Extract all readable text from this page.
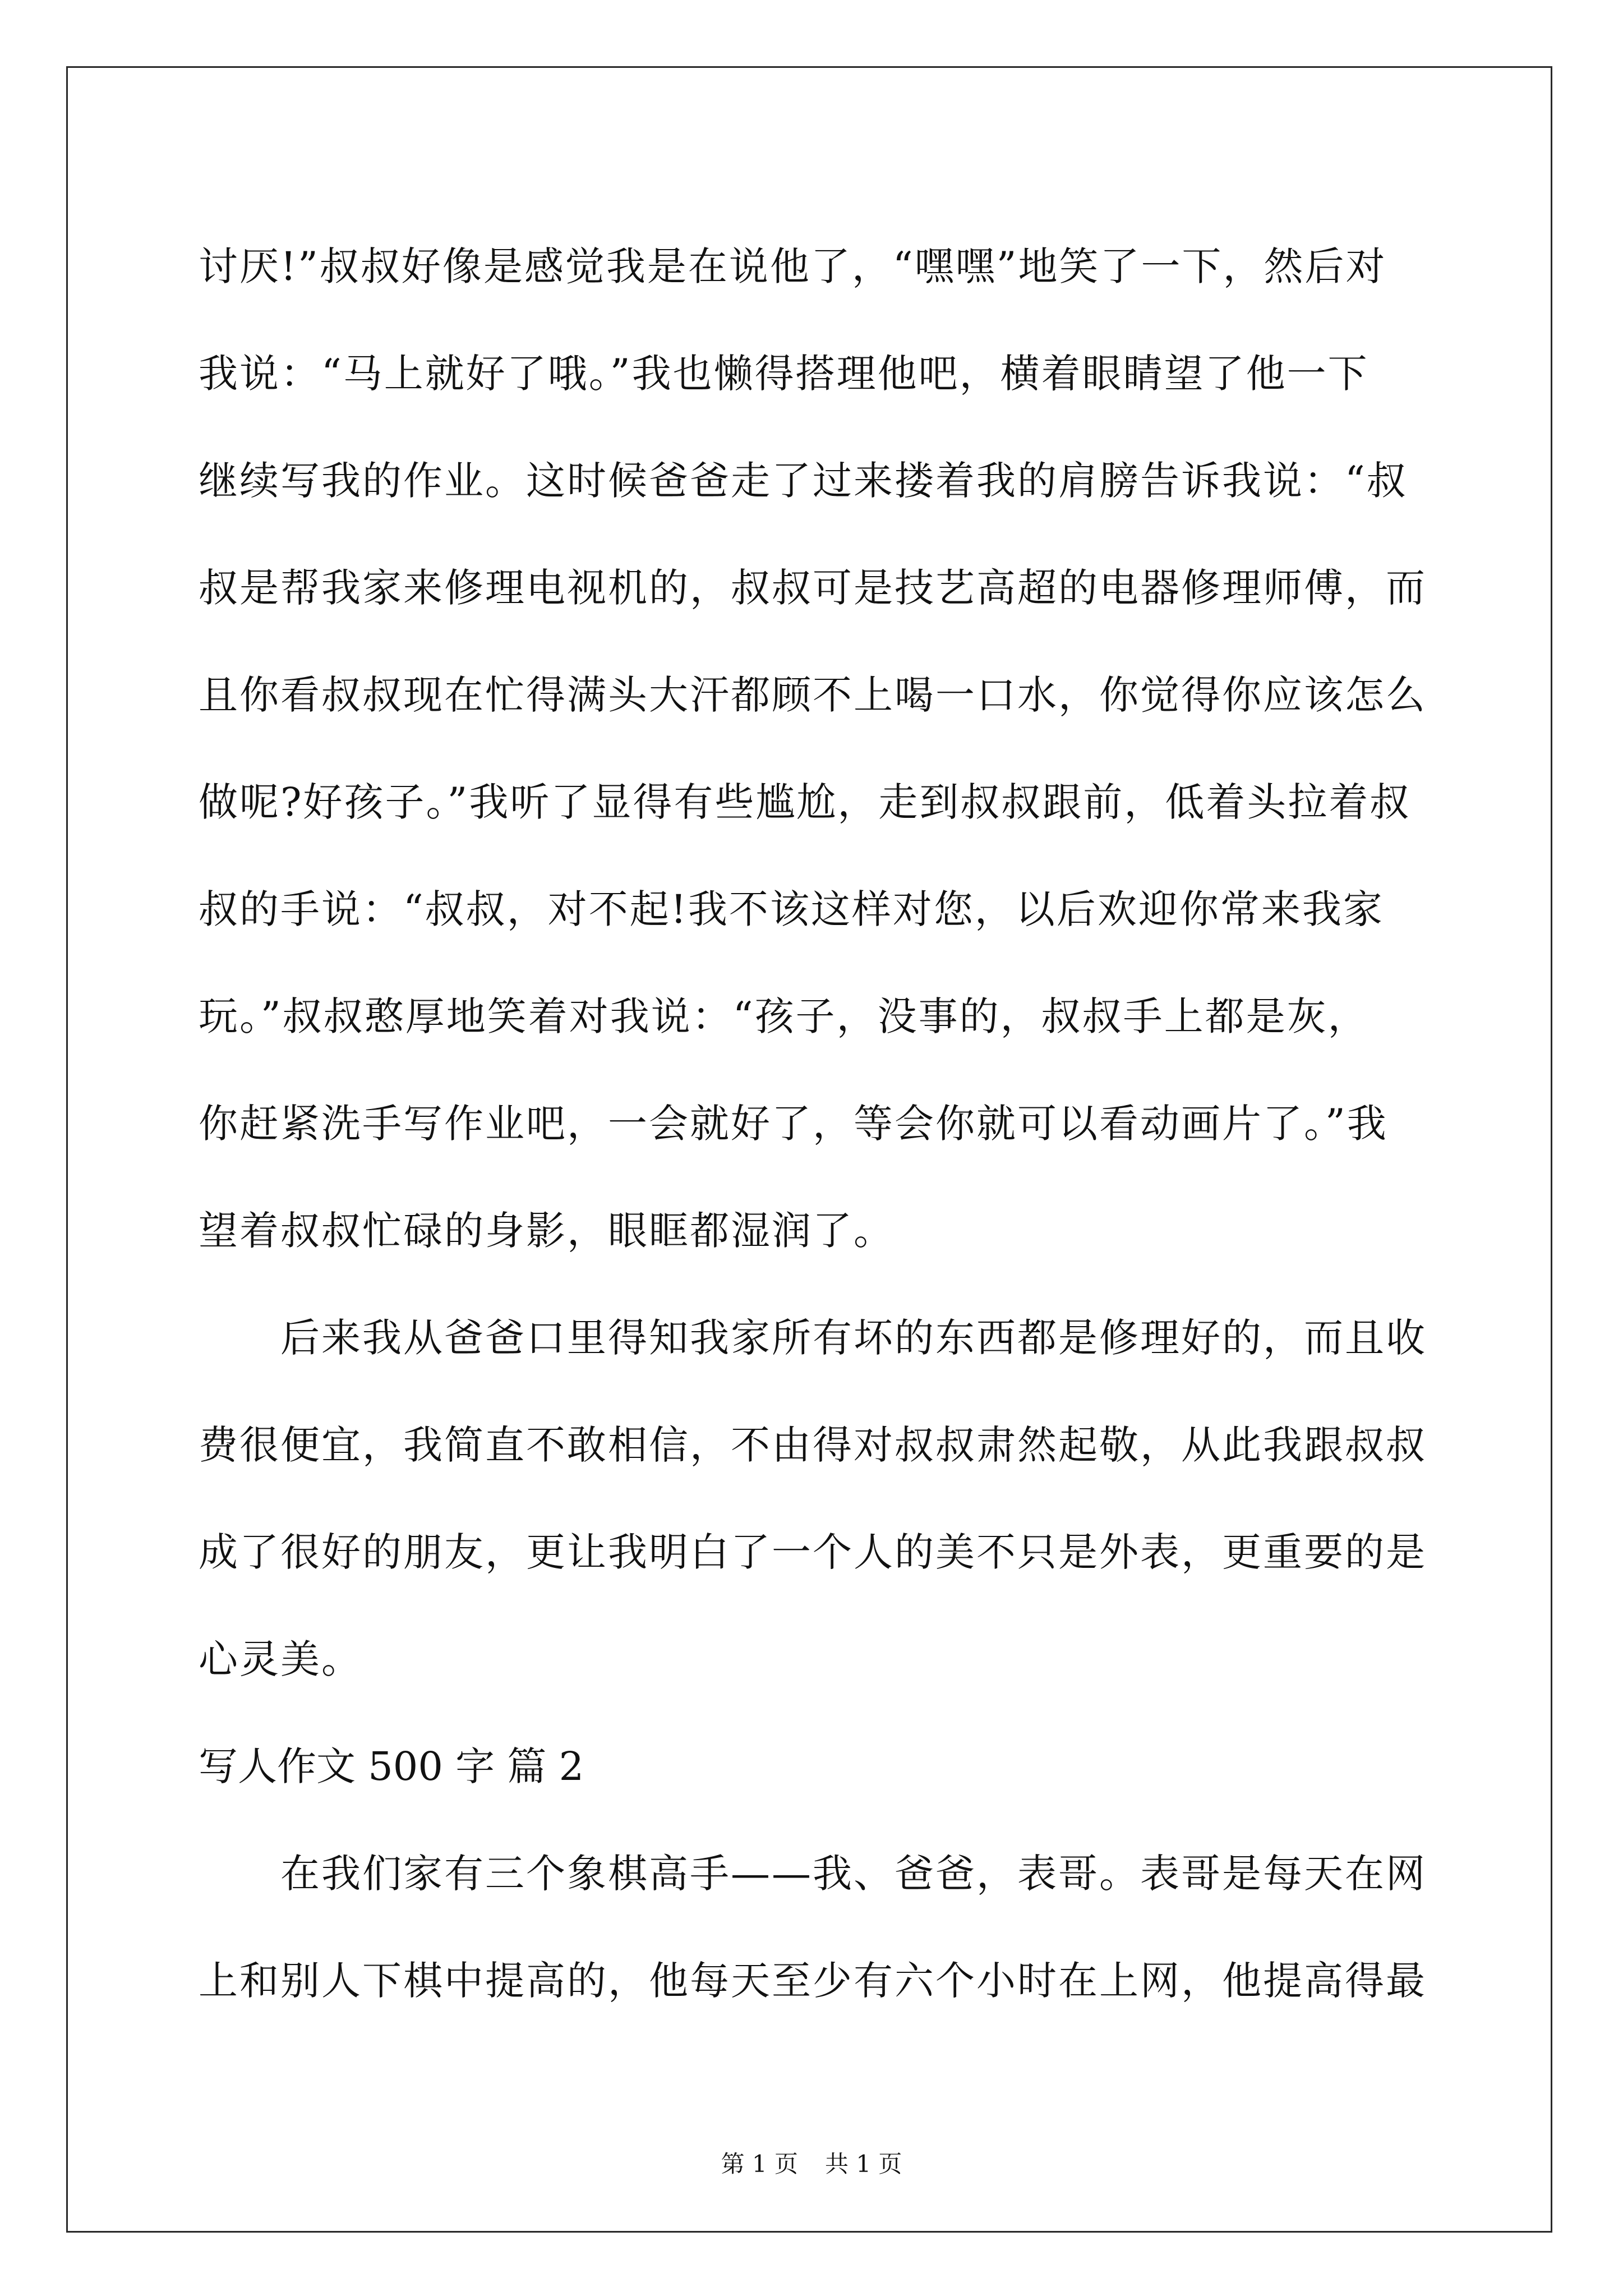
讨厌!”叔叔好像是感觉我是在说他了，“嘿嘿”地笑了一下，然后对
我说：“马上就好了哦。”我也懒得搭理他吧，横着眼睛望了他一下
继续写我的作业。这时候爸爸走了过来搂着我的肩膀告诉我说：“叔
叔是帮我家来修理电视机的，叔叔可是技艺高超的电器修理师傅，而
且你看叔叔现在忙得满头大汗都顾不上喝一口水，你觉得你应该怎么
做呢?好孩子。”我听了显得有些尴尬，走到叔叔跟前，低着头拉着叔
叔的手说：“叔叔，对不起!我不该这样对您，以后欢迎你常来我家
玩。”叔叔憨厚地笑着对我说：“孩子，没事的，叔叔手上都是灰，
你赶紧洗手写作业吧，一会就好了，等会你就可以看动画片了。”我
望着叔叔忙碌的身影，眼眶都湿润了。
后来我从爸爸口里得知我家所有坏的东西都是修理好的，而且收
费很便宜，我简直不敢相信，不由得对叔叔肃然起敬，从此我跟叔叔
成了很好的朋友，更让我明白了一个人的美不只是外表，更重要的是
心灵美。
写人作文 500 字 篇 2
在我们家有三个象棋高手——我、爸爸，表哥。表哥是每天在网
上和别人下棋中提高的，他每天至少有六个小时在上网，他提高得最
第 1 页 共 1 页
